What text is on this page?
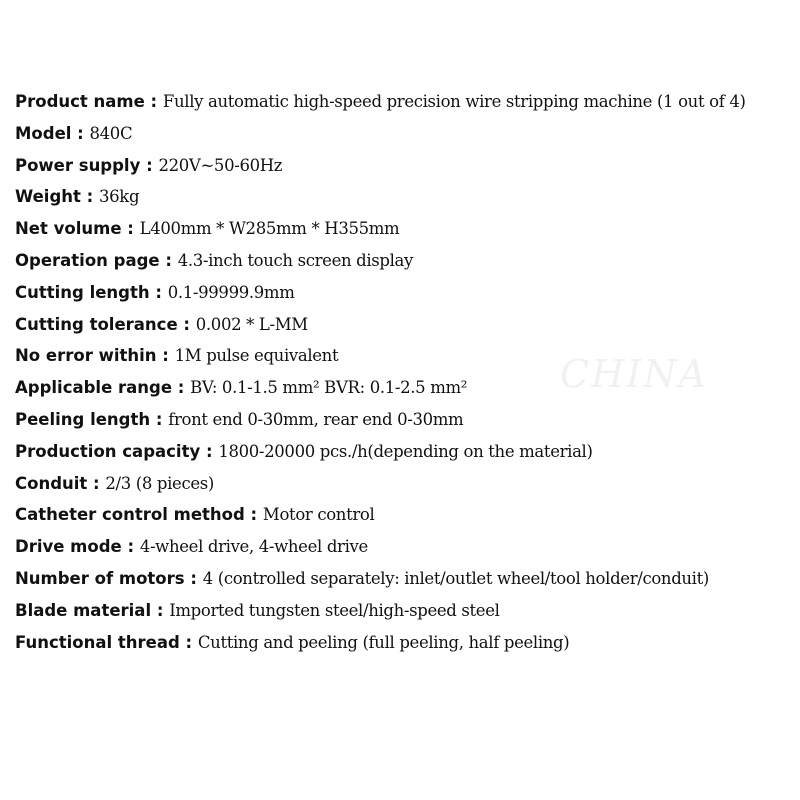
CHINA
Product name : Fully automatic high-speed precision wire stripping machine (1 out of 4)
Model : 840C
Power supply : 220V~50-60Hz
Weight : 36kg
Net volume : L400mm * W285mm * H355mm
Operation page : 4.3-inch touch screen display
Cutting length : 0.1-99999.9mm
Cutting tolerance : 0.002 * L-MM
No error within : 1M pulse equivalent
Applicable range : BV: 0.1-1.5 mm² BVR: 0.1-2.5 mm²
Peeling length : front end 0-30mm, rear end 0-30mm
Production capacity : 1800-20000 pcs./h(depending on the material)
Conduit : 2/3 (8 pieces)
Catheter control method : Motor control
Drive mode : 4-wheel drive, 4-wheel drive
Number of motors : 4 (controlled separately: inlet/outlet wheel/tool holder/conduit)
Blade material : Imported tungsten steel/high-speed steel
Functional thread : Cutting and peeling (full peeling, half peeling)
